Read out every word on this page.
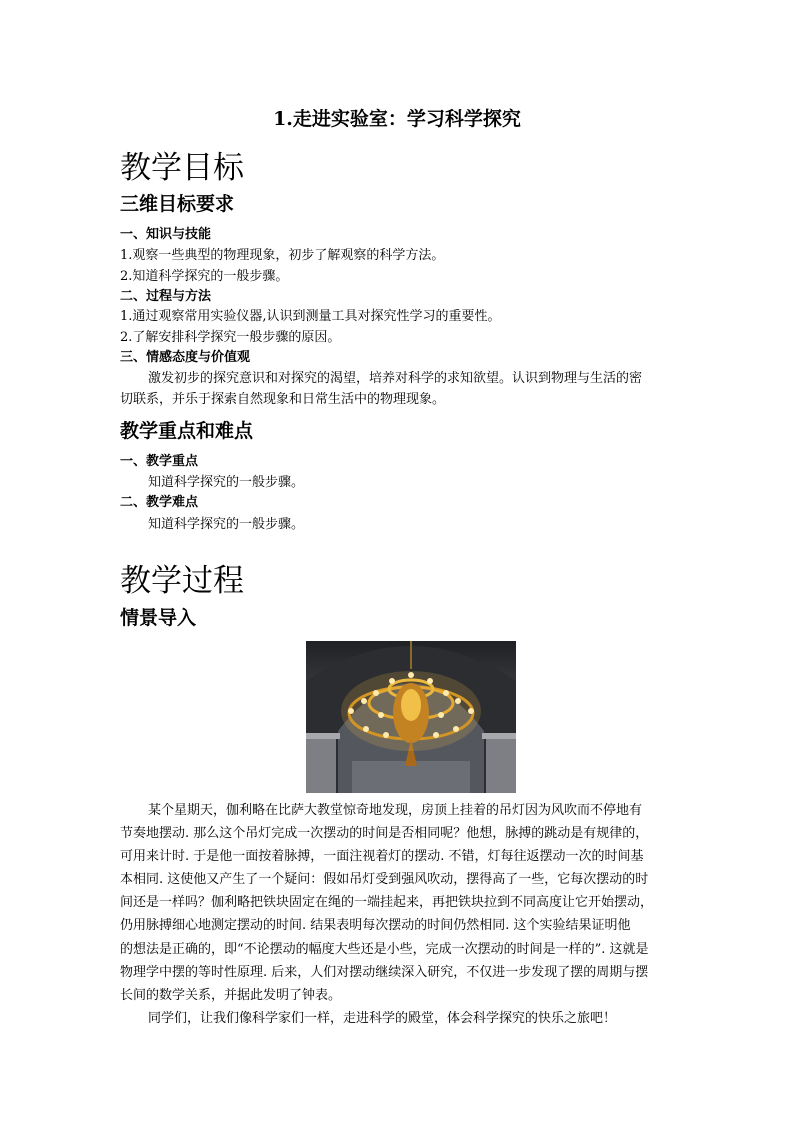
1.走进实验室：学习科学探究
教学目标
三维目标要求
一、知识与技能
1.观察一些典型的物理现象，初步了解观察的科学方法。
2.知道科学探究的一般步骤。
二、过程与方法
1.通过观察常用实验仪器,认识到测量工具对探究性学习的重要性。
2.了解安排科学探究一般步骤的原因。
三、情感态度与价值观
激发初步的探究意识和对探究的渴望，培养对科学的求知欲望。认识到物理与生活的密
切联系，并乐于探索自然现象和日常生活中的物理现象。
教学重点和难点
一、教学重点
知道科学探究的一般步骤。
二、教学难点
知道科学探究的一般步骤。
教学过程
情景导入
某个星期天，伽利略在比萨大教堂惊奇地发现，房顶上挂着的吊灯因为风吹而不停地有
节奏地摆动. 那么这个吊灯完成一次摆动的时间是否相同呢？他想，脉搏的跳动是有规律的，
可用来计时. 于是他一面按着脉搏，一面注视着灯的摆动. 不错，灯每往返摆动一次的时间基
本相同. 这使他又产生了一个疑问：假如吊灯受到强风吹动，摆得高了一些，它每次摆动的时
间还是一样吗？伽利略把铁块固定在绳的一端挂起来，再把铁块拉到不同高度让它开始摆动，
仍用脉搏细心地测定摆动的时间. 结果表明每次摆动的时间仍然相同. 这个实验结果证明他
的想法是正确的，即“不论摆动的幅度大些还是小些，完成一次摆动的时间是一样的”. 这就是
物理学中摆的等时性原理. 后来，人们对摆动继续深入研究，不仅进一步发现了摆的周期与摆
长间的数学关系，并据此发明了钟表。
同学们，让我们像科学家们一样，走进科学的殿堂，体会科学探究的快乐之旅吧！
